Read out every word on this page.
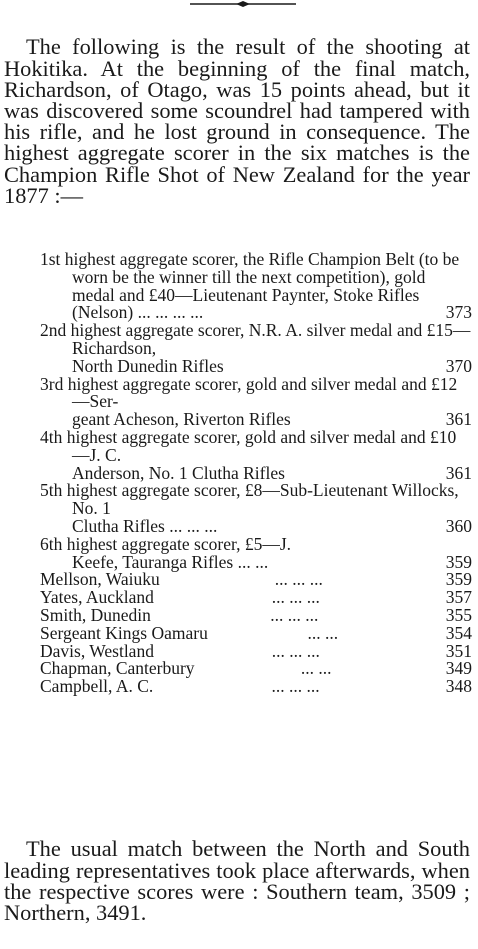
The following is the result of the shooting at Hokitika. At the beginning of the final match, Richardson, of Otago, was 15 points ahead, but it was discovered some scoundrel had tampered with his rifle, and he lost ground in consequence. The highest aggregate scorer in the six matches is the Champion Rifle Shot of New Zealand for the year 1877 :—

1st highest aggregate scorer, the Rifle Champion Belt (to be worn be the winner till the next competition), gold medal and £40—Lieutenant Paynter, Stoke Rifles
(Nelson) ... ... ... ...	373
2nd highest aggregate scorer, N.R. A. silver medal and £15—Richardson,
North Dunedin Rifles	370
3rd highest aggregate scorer, gold and silver medal and £12—Ser-
geant Acheson, Riverton Rifles	361
4th highest aggregate scorer, gold and silver medal and £10—J. C.
Anderson, No. 1 Clutha Rifles	361
5th highest aggregate scorer, £8—Sub-Lieutenant Willocks, No. 1
Clutha Rifles ... ... ...	360
6th highest aggregate scorer, £5—J.
Keefe, Tauranga Rifles ... ...	359
Mellson, Waiuku	... ... ...	359
Yates, Auckland	... ... ...	357
Smith, Dunedin	... ... ...	355
Sergeant Kings Oamaru	... ...	354
Davis, Westland	... ... ...	351
Chapman, Canterbury	... ...	349
Campbell, A. C.	... ... ...	348

The usual match between the North and South leading representatives took place afterwards, when the respective scores were : Southern team, 3509 ; Northern, 3491.
